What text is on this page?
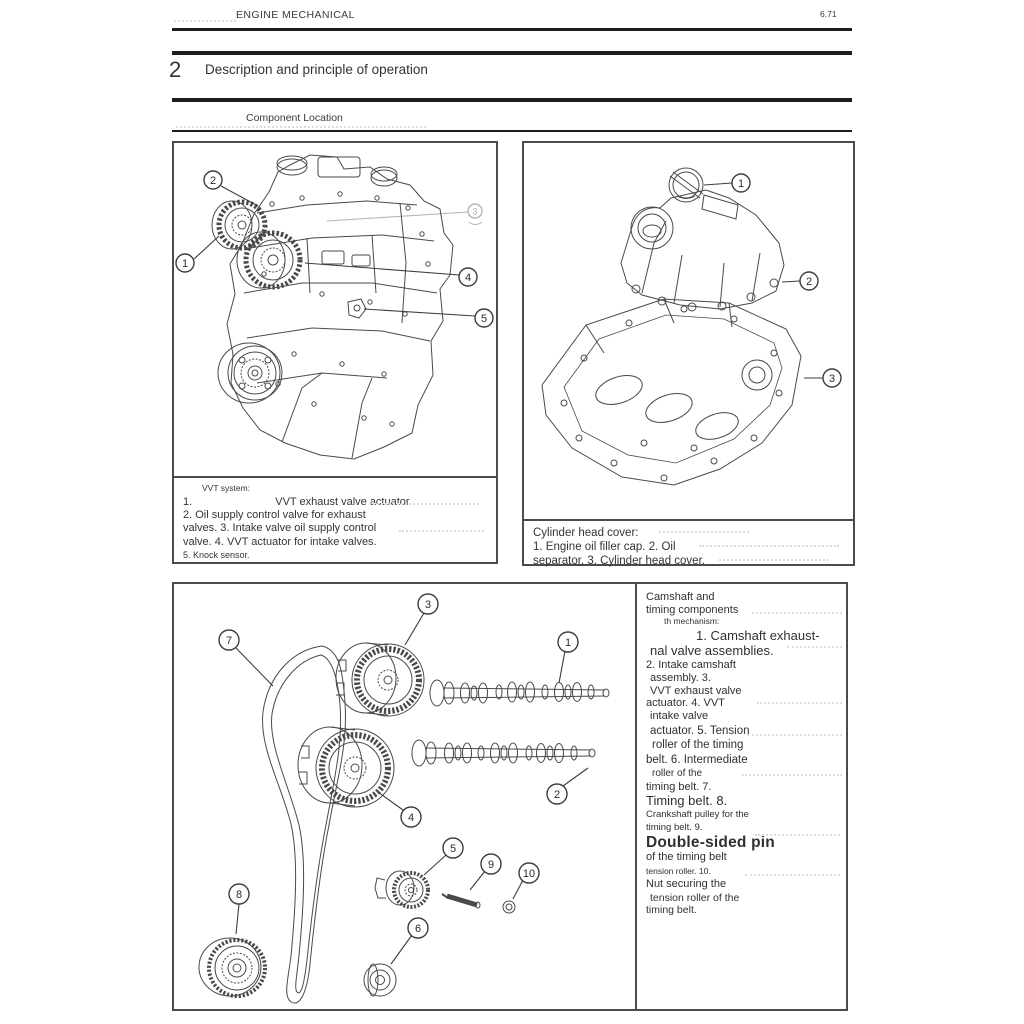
ENGINE MECHANICAL	6.71
2 Description and principle of operation
Component Location
2
1
3
4
5
VVT system:
1.	VVT exhaust valve actuator.
2. Oil supply control valve for exhaust
valves. 3. Intake valve oil supply control
valve. 4. VVT actuator for intake valves.
5. Knock sensor.
1
2
3
Cylinder head cover:
1. Engine oil filler cap. 2. Oil
separator. 3. Cylinder head cover.
7
3
1
2
4
5
9
10
6
8
Camshaft and
timing components
th mechanism:
1. Camshaft exhaust-
nal valve assemblies.
2. Intake camshaft
assembly. 3.
VVT exhaust valve
actuator. 4. VVT
intake valve
actuator. 5. Tension
roller of the timing
belt. 6. Intermediate
roller of the
timing belt. 7.
Timing belt. 8.
Crankshaft pulley for the
timing belt. 9.
Double-sided pin
of the timing belt
tension roller. 10.
Nut securing the
tension roller of the
timing belt.
